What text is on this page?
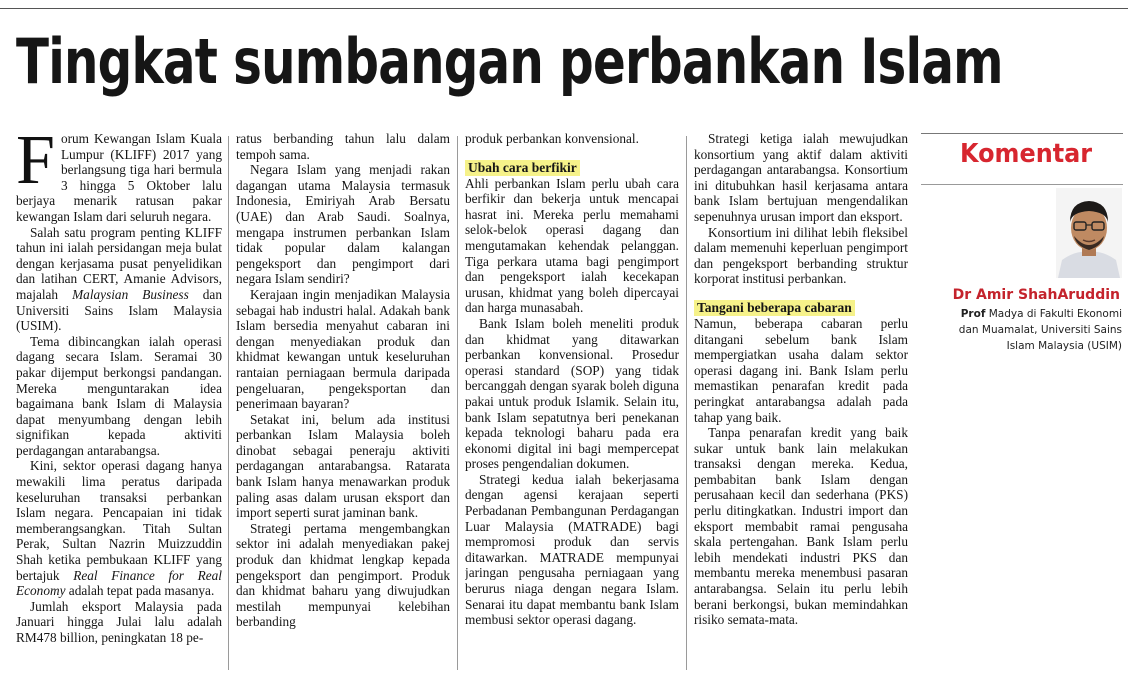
Tingkat sumbangan perbankan Islam

Forum Kewangan Islam Kuala Lumpur (KLIFF) 2017 yang berlangsung tiga hari bermula 3 hingga 5 Oktober lalu berjaya menarik ratusan pakar kewangan Islam dari seluruh negara.

Salah satu program penting KLIFF tahun ini ialah persidangan meja bulat dengan kerjasama pusat penyelidikan dan latihan CERT, Amanie Advisors, majalah Malaysian Business dan Universiti Sains Islam Malaysia (USIM).

Tema dibincangkan ialah operasi dagang secara Islam. Seramai 30 pakar dijemput berkongsi pandangan. Mereka menguntarakan idea bagaimana bank Islam di Malaysia dapat menyumbang dengan lebih signifikan kepada aktiviti perdagangan antarabangsa.

Kini, sektor operasi dagang hanya mewakili lima peratus daripada keseluruhan transaksi perbankan Islam negara. Pencapaian ini tidak memberangsangkan. Titah Sultan Perak, Sultan Nazrin Muizzuddin Shah ketika pembukaan KLIFF yang bertajuk Real Finance for Real Economy adalah tepat pada masanya.

Jumlah eksport Malaysia pada Januari hingga Julai lalu adalah RM478 billion, peningkatan 18 pe-

ratus berbanding tahun lalu dalam tempoh sama.

Negara Islam yang menjadi rakan dagangan utama Malaysia termasuk Indonesia, Emiriyah Arab Bersatu (UAE) dan Arab Saudi. Soalnya, mengapa instrumen perbankan Islam tidak popular dalam kalangan pengeksport dan pengimport dari negara Islam sendiri?

Kerajaan ingin menjadikan Malaysia sebagai hab industri halal. Adakah bank Islam bersedia menyahut cabaran ini dengan menyediakan produk dan khidmat kewangan untuk keseluruhan rantaian perniagaan bermula daripada pengeluaran, pengeksportan dan penerimaan bayaran?

Setakat ini, belum ada institusi perbankan Islam Malaysia boleh dinobat sebagai peneraju aktiviti perdagangan antarabangsa. Ratarata bank Islam hanya menawarkan produk paling asas dalam urusan eksport dan import seperti surat jaminan bank.

Strategi pertama mengembangkan sektor ini adalah menyediakan pakej produk dan khidmat lengkap kepada pengeksport dan pengimport. Produk dan khidmat baharu yang diwujudkan mestilah mempunyai kelebihan berbanding

produk perbankan konvensional.

Ubah cara berfikir

Ahli perbankan Islam perlu ubah cara berfikir dan bekerja untuk mencapai hasrat ini. Mereka perlu memahami selok-belok operasi dagang dan mengutamakan kehendak pelanggan. Tiga perkara utama bagi pengimport dan pengeksport ialah kecekapan urusan, khidmat yang boleh dipercayai dan harga munasabah.

Bank Islam boleh meneliti produk dan khidmat yang ditawarkan perbankan konvensional. Prosedur operasi standard (SOP) yang tidak bercanggah dengan syarak boleh diguna pakai untuk produk Islamik. Selain itu, bank Islam sepatutnya beri penekanan kepada teknologi baharu pada era ekonomi digital ini bagi mempercepat proses pengendalian dokumen.

Strategi kedua ialah bekerjasama dengan agensi kerajaan seperti Perbadanan Pembangunan Perdagangan Luar Malaysia (MATRADE) bagi mempromosi produk dan servis ditawarkan. MATRADE mempunyai jaringan pengusaha perniagaan yang berurus niaga dengan negara Islam. Senarai itu dapat membantu bank Islam membusi sektor operasi dagang.

Strategi ketiga ialah mewujudkan konsortium yang aktif dalam aktiviti perdagangan antarabangsa. Konsortium ini ditubuhkan hasil kerjasama antara bank Islam bertujuan mengendalikan sepenuhnya urusan import dan eksport.

Konsortium ini dilihat lebih fleksibel dalam memenuhi keperluan pengimport dan pengeksport berbanding struktur korporat institusi perbankan.

Tangani beberapa cabaran

Namun, beberapa cabaran perlu ditangani sebelum bank Islam mempergiatkan usaha dalam sektor operasi dagang ini. Bank Islam perlu memastikan penarafan kredit pada peringkat antarabangsa adalah pada tahap yang baik.

Tanpa penarafan kredit yang baik sukar untuk bank lain melakukan transaksi dengan mereka. Kedua, pembabitan bank Islam dengan perusahaan kecil dan sederhana (PKS) perlu ditingkatkan. Industri import dan eksport membabit ramai pengusaha skala pertengahan. Bank Islam perlu lebih mendekati industri PKS dan membantu mereka menembusi pasaran antarabangsa. Selain itu perlu lebih berani berkongsi, bukan memindahkan risiko semata-mata.

Komentar
Dr Amir ShahAruddin
Prof Madya di Fakulti Ekonomi
dan Muamalat, Universiti Sains
Islam Malaysia (USIM)
